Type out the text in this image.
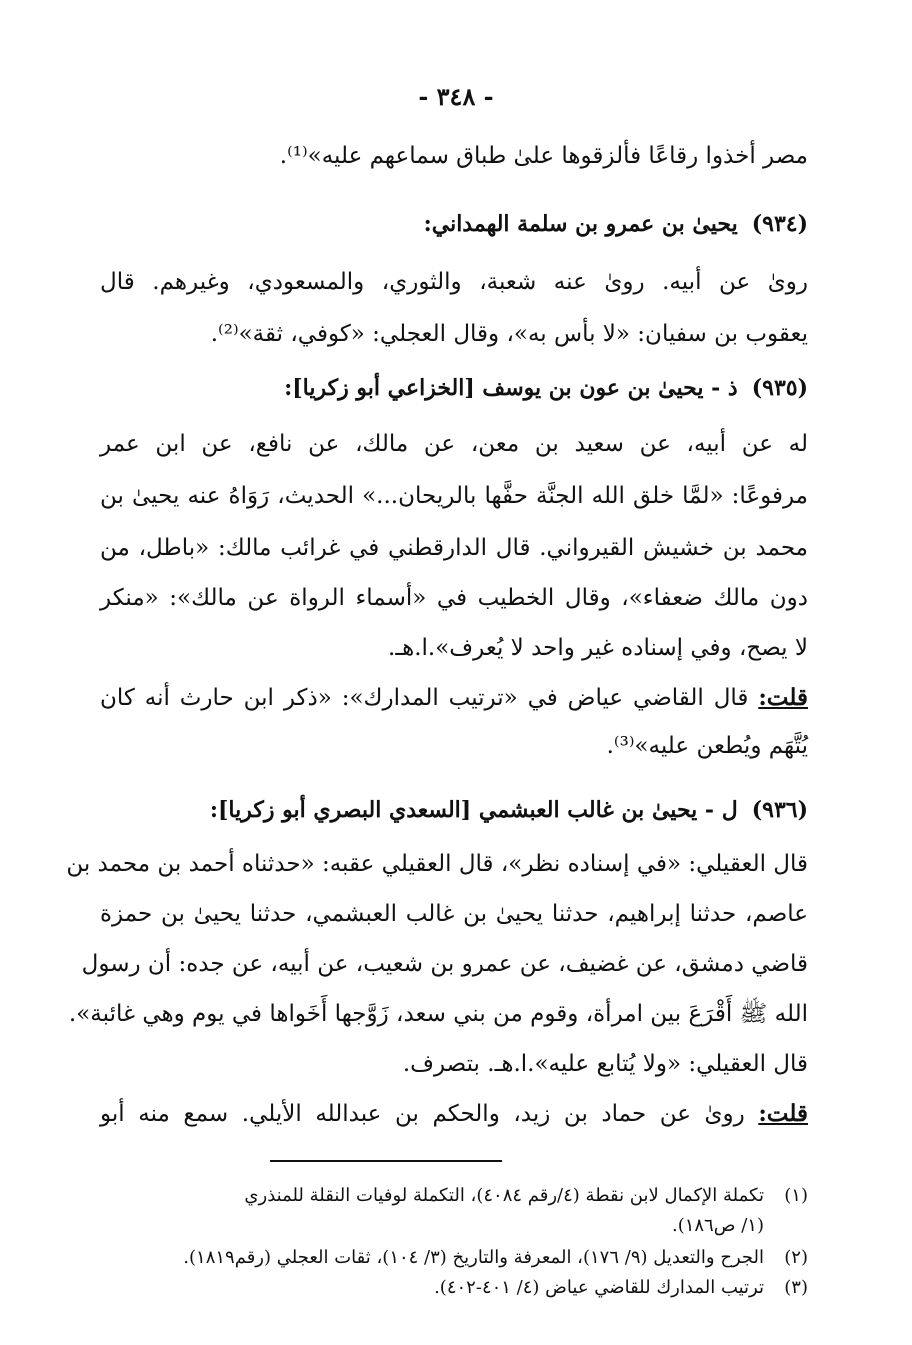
- ٣٤٨ -
مصر أخذوا رقاعًا فألزقوها علىٰ طباق سماعهم عليه»⁽¹⁾.
(٩٣٤)يحيىٰ بن عمرو بن سلمة الهمداني:
روىٰ عن أبيه. روىٰ عنه شعبة، والثوري، والمسعودي، وغيرهم. قال
يعقوب بن سفيان: «لا بأس به»، وقال العجلي: «كوفي، ثقة»⁽²⁾.
(٩٣٥)ذ - يحيىٰ بن عون بن يوسف [الخزاعي أبو زكريا]:
له عن أبيه، عن سعيد بن معن، عن مالك، عن نافع، عن ابن عمر
مرفوعًا: «لمَّا خلق الله الجنَّة حفَّها بالريحان...» الحديث، رَوَاهُ عنه يحيىٰ بن
محمد بن خشيش القيرواني. قال الدارقطني في غرائب مالك: «باطل، من
دون مالك ضعفاء»، وقال الخطيب في «أسماء الرواة عن مالك»: «منكر
لا يصح، وفي إسناده غير واحد لا يُعرف».ا.هـ.
قلت: قال القاضي عياض في «ترتيب المدارك»: «ذكر ابن حارث أنه كان
يُتَّهَم ويُطعن عليه»⁽³⁾.
(٩٣٦)ل - يحيىٰ بن غالب العبشمي [السعدي البصري أبو زكريا]:
قال العقيلي: «في إسناده نظر»، قال العقيلي عقبه: «حدثناه أحمد بن محمد بن
عاصم، حدثنا إبراهيم، حدثنا يحيىٰ بن غالب العبشمي، حدثنا يحيىٰ بن حمزة
قاضي دمشق، عن غضيف، عن عمرو بن شعيب، عن أبيه، عن جده: أن رسول
الله ﷺ أَقْرَعَ بين امرأة، وقوم من بني سعد، زَوَّجها أَخَواها في يوم وهي غائبة».
قال العقيلي: «ولا يُتابع عليه».ا.هـ. بتصرف.
قلت: روىٰ عن حماد بن زيد، والحكم بن عبدالله الأيلي. سمع منه أبو
(١)تكملة الإكمال لابن نقطة (٤/رقم ٤٠٨٤)، التكملة لوفيات النقلة للمنذري
(١/ ص١٨٦).
(٢)الجرح والتعديل (٩/ ١٧٦)، المعرفة والتاريخ (٣/ ١٠٤)، ثقات العجلي (رقم١٨١٩).
(٣)ترتيب المدارك للقاضي عياض (٤/ ٤٠١-٤٠٢).
